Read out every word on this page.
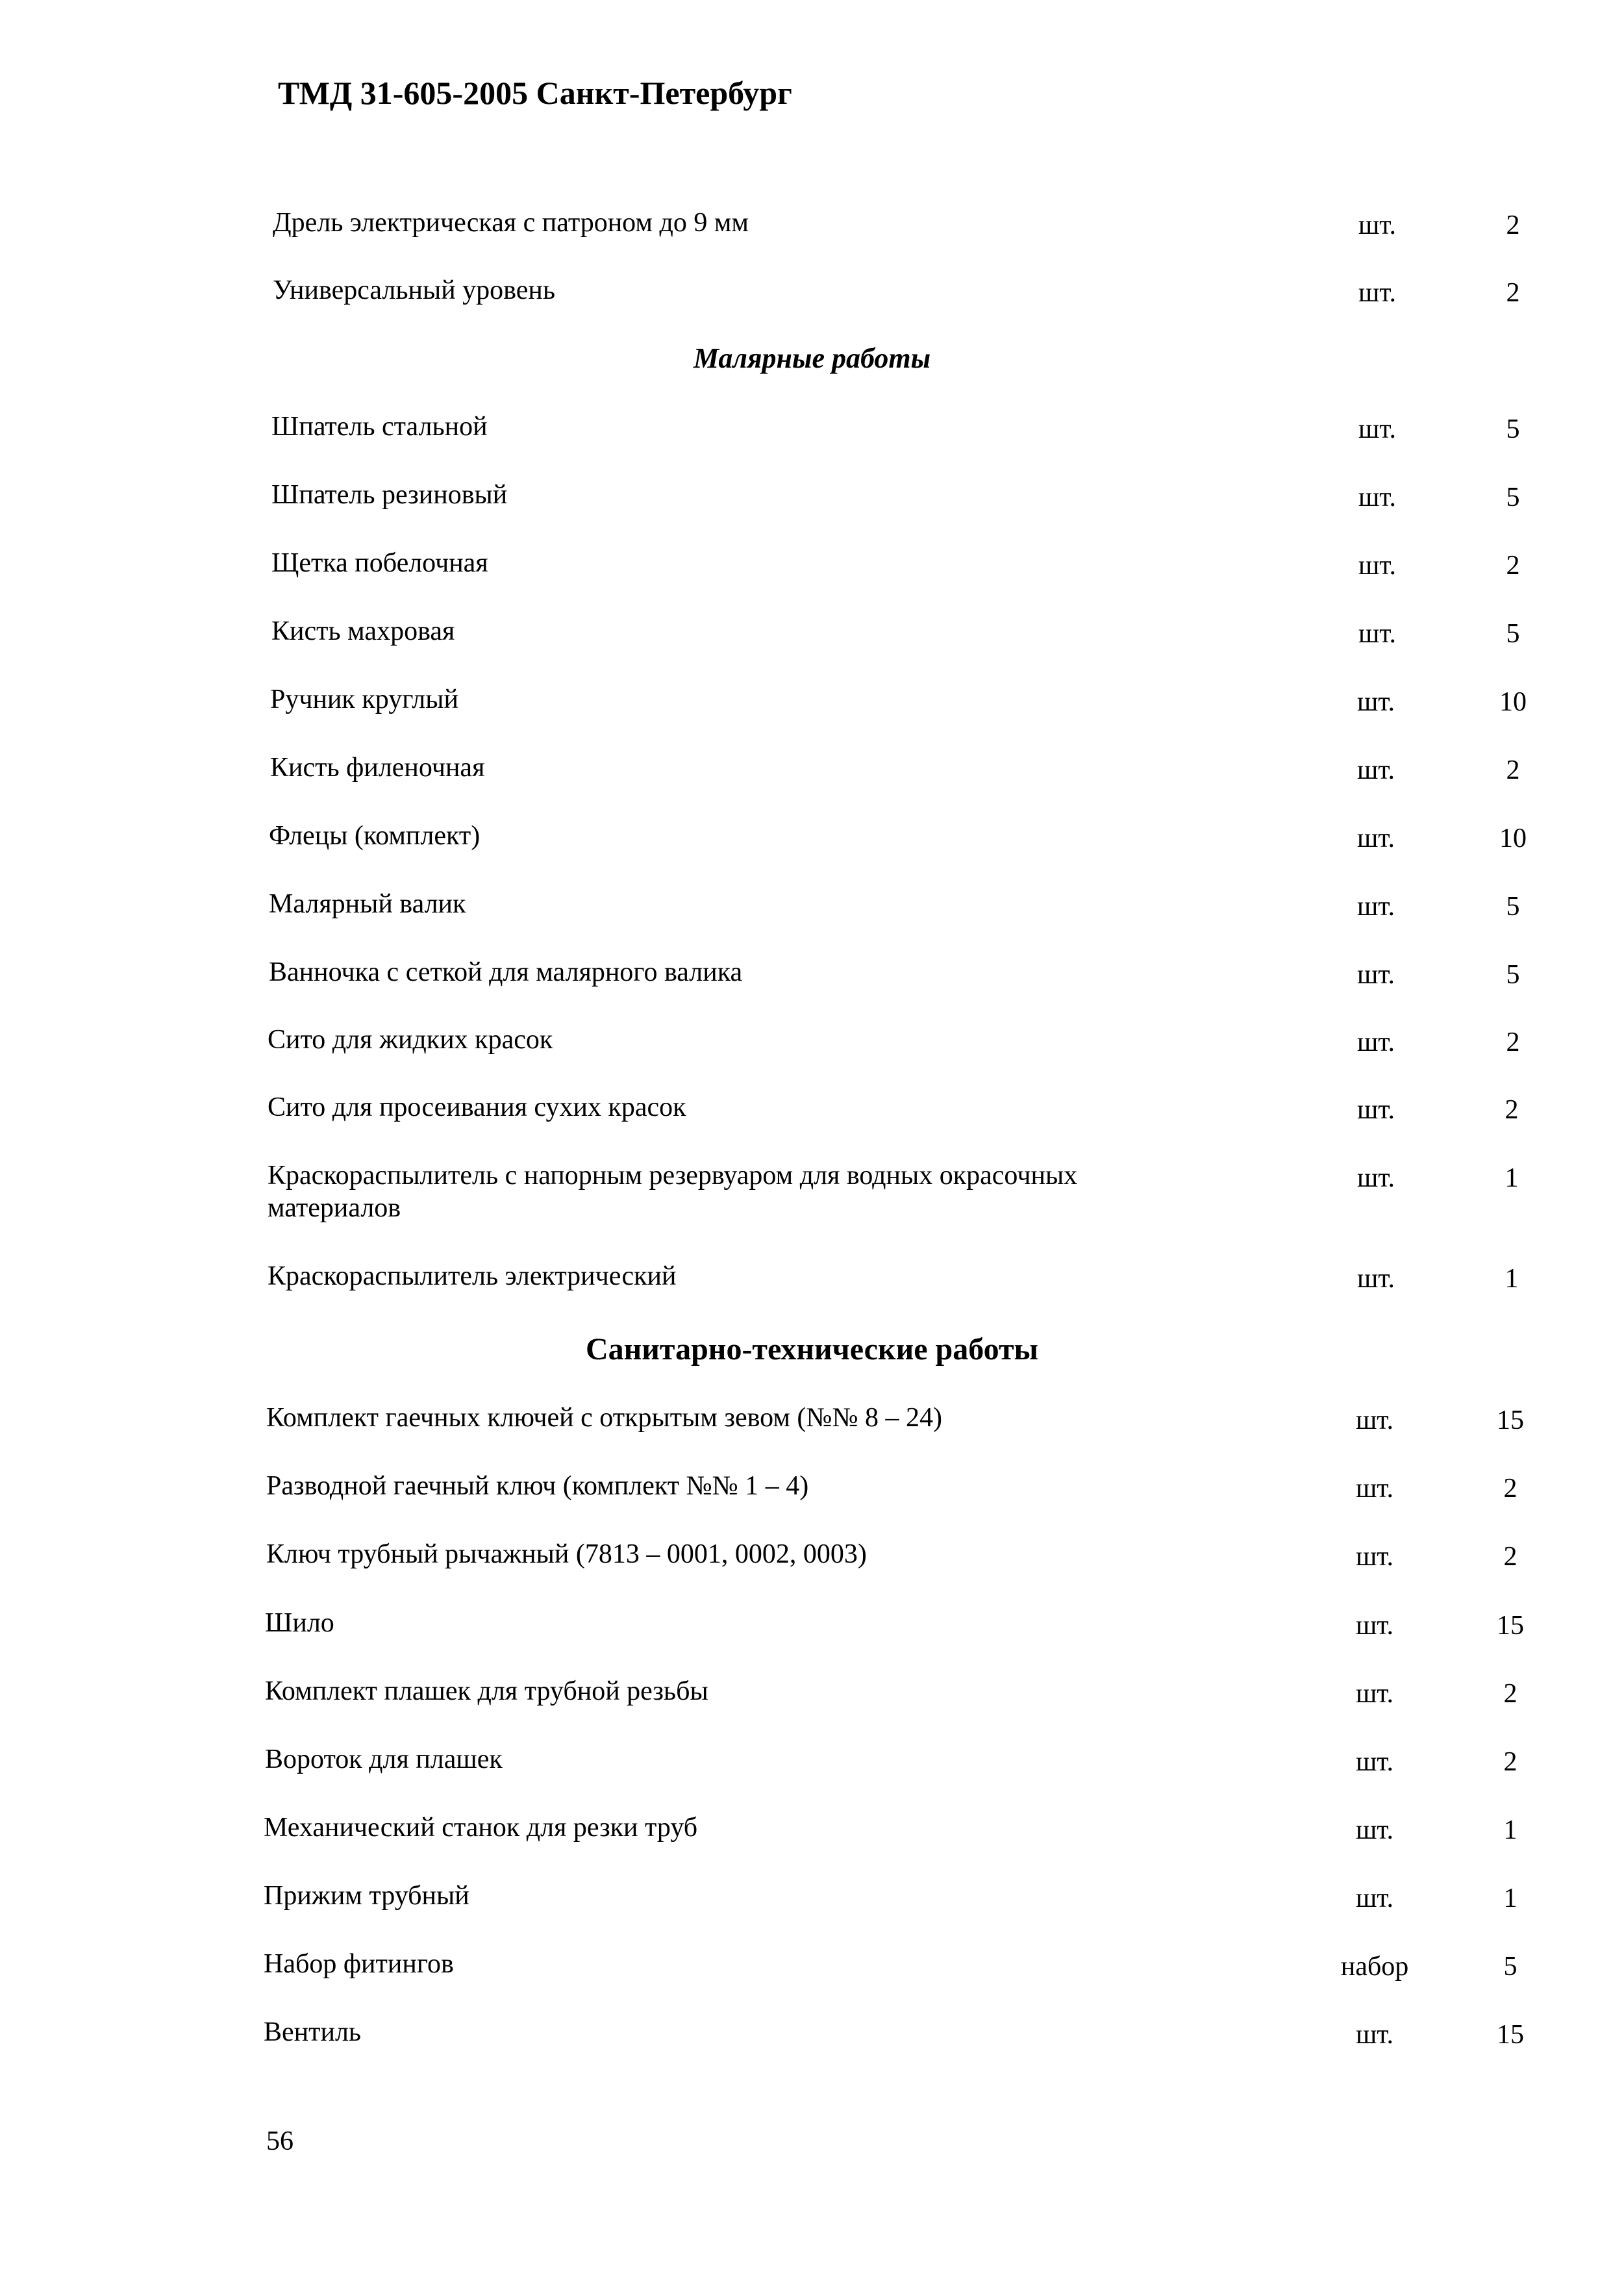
ТМД 31-605-2005 Санкт-Петербург
Дрель электрическая с патроном до 9 мм	шт.	2
Универсальный уровень	шт.	2
Малярные работы
Шпатель стальной	шт.	5
Шпатель резиновый	шт.	5
Щетка побелочная	шт.	2
Кисть махровая	шт.	5
Ручник круглый	шт.	10
Кисть филеночная	шт.	2
Флецы (комплект)	шт.	10
Малярный валик	шт.	5
Ванночка с сеткой для малярного валика	шт.	5
Сито для жидких красок	шт.	2
Сито для просеивания сухих красок	шт.	2
Краскораспылитель с напорным резервуаром для водных окрасочных
материалов
шт.	1
Краскораспылитель электрический	шт.	1
Санитарно-технические работы
Комплект гаечных ключей с открытым зевом (№№ 8 – 24)	шт.	15
Разводной гаечный ключ (комплект №№ 1 – 4)	шт.	2
Ключ трубный рычажный (7813 – 0001, 0002, 0003)	шт.	2
Шило	шт.	15
Комплект плашек для трубной резьбы	шт.	2
Вороток для плашек	шт.	2
Механический станок для резки труб	шт.	1
Прижим трубный	шт.	1
Набор фитингов	набор	5
Вентиль	шт.	15
56
